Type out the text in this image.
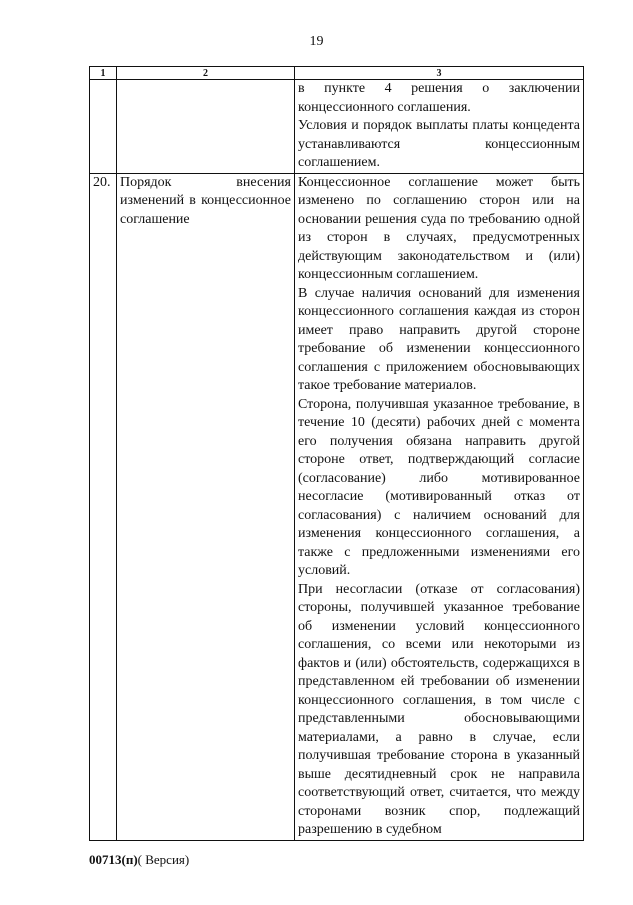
19
1	2	3

		в пункте 4 решения о заключении концессионного соглашения.

Условия и порядок выплаты платы концедента устанавливаются концессионным соглашением.

20.	Порядок внесения изменений в концессионное соглашение	Концессионное соглашение может быть изменено по соглашению сторон или на основании решения суда по требованию одной из сторон в случаях, предусмотренных действующим законодательством и (или) концессионным соглашением.

В случае наличия оснований для изменения концессионного соглашения каждая из сторон имеет право направить другой стороне требование об изменении концессионного соглашения с приложением обосновывающих такое требование материалов.

Сторона, получившая указанное требование, в течение 10 (десяти) рабочих дней с момента его получения обязана направить другой стороне ответ, подтверждающий согласие (согласование) либо мотивированное несогласие (мотивированный отказ от согласования) с наличием оснований для изменения концессионного соглашения, а также с предложенными изменениями его условий.

При несогласии (отказе от согласования) стороны, получившей указанное требование об изменении условий концессионного соглашения, со всеми или некоторыми из фактов и (или) обстоятельств, содержащихся в представленном ей требовании об изменении концессионного соглашения, в том числе с представленными обосновывающими материалами, а равно в случае, если получившая требование сторона в указанный выше десятидневный срок не направила соответствующий ответ, считается, что между сторонами возник спор, подлежащий разрешению в судебном

00713(п)( Версия)
